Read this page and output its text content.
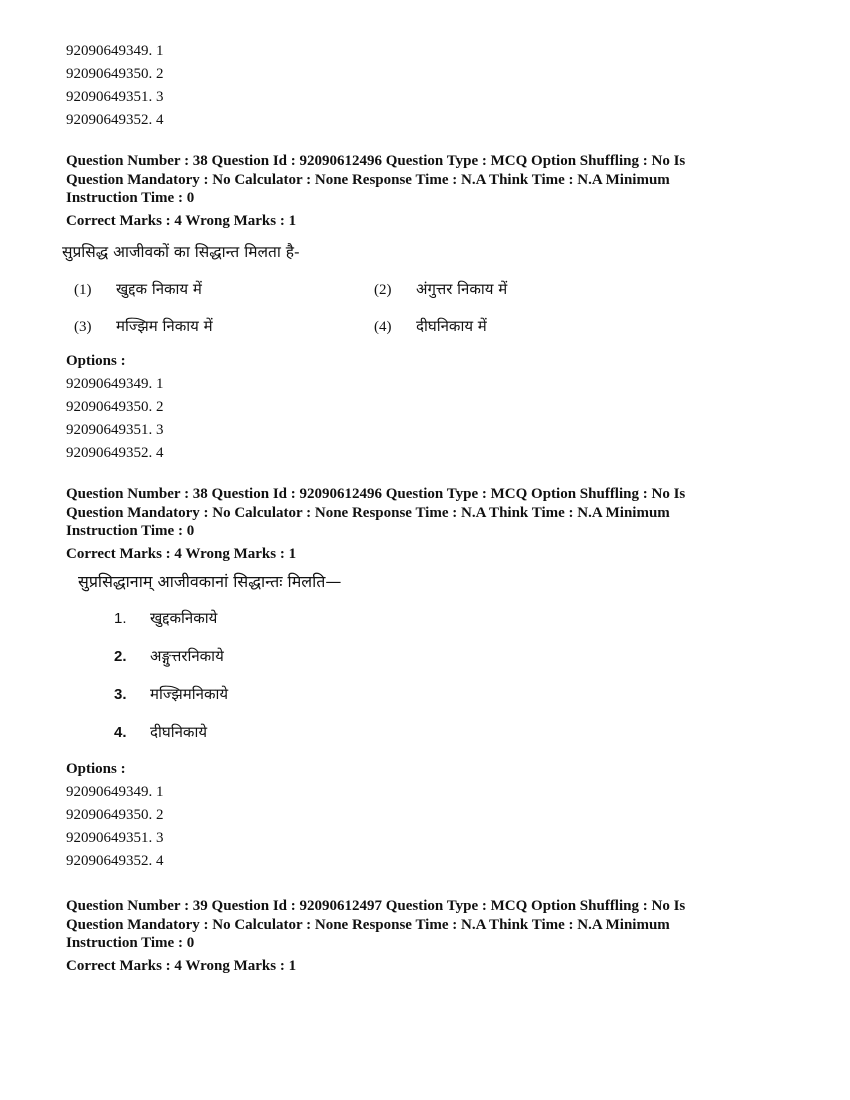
92090649349. 1
92090649350. 2
92090649351. 3
92090649352. 4
Question Number : 38 Question Id : 92090612496 Question Type : MCQ Option Shuffling : No Is
Question Mandatory : No Calculator : None Response Time : N.A Think Time : N.A Minimum
Instruction Time : 0
Correct Marks : 4 Wrong Marks : 1
सुप्रसिद्ध आजीवकों का सिद्धान्त मिलता है-
(1) खुद्दक निकाय में	(2) अंगुत्तर निकाय में
(3) मज्झिम निकाय में	(4) दीघनिकाय में
Options :
92090649349. 1
92090649350. 2
92090649351. 3
92090649352. 4
Question Number : 38 Question Id : 92090612496 Question Type : MCQ Option Shuffling : No Is
Question Mandatory : No Calculator : None Response Time : N.A Think Time : N.A Minimum
Instruction Time : 0
Correct Marks : 4 Wrong Marks : 1
सुप्रसिद्धानाम् आजीवकानां सिद्धान्तः मिलति—
1. खुद्दकनिकाये
2. अङ्गुत्तरनिकाये
3. मज्झिमनिकाये
4. दीघनिकाये
Options :
92090649349. 1
92090649350. 2
92090649351. 3
92090649352. 4
Question Number : 39 Question Id : 92090612497 Question Type : MCQ Option Shuffling : No Is
Question Mandatory : No Calculator : None Response Time : N.A Think Time : N.A Minimum
Instruction Time : 0
Correct Marks : 4 Wrong Marks : 1
